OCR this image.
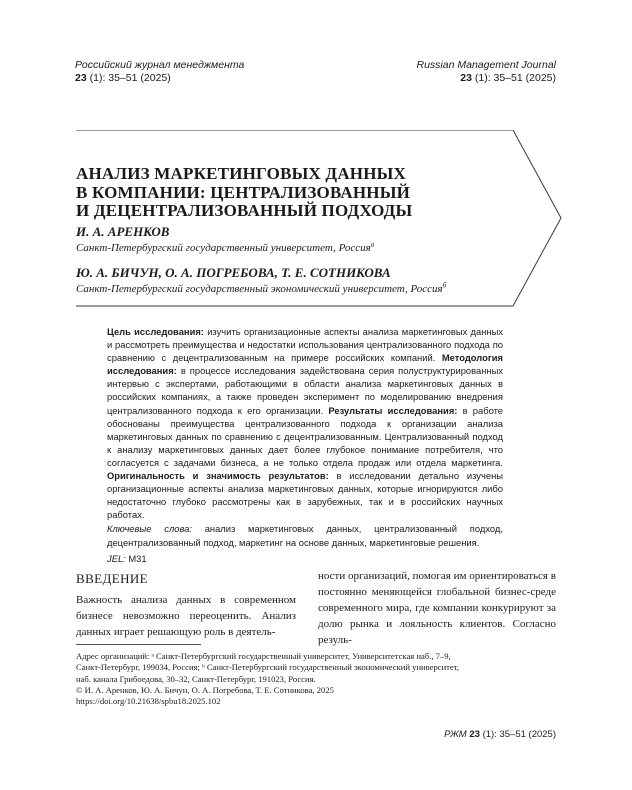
Российский журнал менеджмента
23 (1): 35–51 (2025)
Russian Management Journal
23 (1): 35–51 (2025)
АНАЛИЗ МАРКЕТИНГОВЫХ ДАННЫХ
В КОМПАНИИ: ЦЕНТРАЛИЗОВАННЫЙ
И ДЕЦЕНТРАЛИЗОВАННЫЙ ПОДХОДЫ
И. А. АРЕНКОВ
Санкт-Петербургский государственный университет, Россия$^a$
Ю. А. БИЧУН, О. А. ПОГРЕБОВА, Т. Е. СОТНИКОВА
Санкт-Петербургский государственный экономический университет, Россия$^б$

Цель исследования: изучить организационные аспекты анализа маркетинговых данных и рассмотреть преимущества и недостатки использования централизованного подхода по сравнению с децентрализованным на примере российских компаний. Методология исследования: в процессе исследования задействована серия полуструктурированных интервью с экспертами, работающими в области анализа маркетинговых данных в российских компаниях, а также проведен эксперимент по моделированию внедрения централизованного подхода к его организации. Результаты исследования: в работе обоснованы преимущества централизованного подхода к организации анализа маркетинговых данных по сравнению с децентрализованным. Централизованный подход к анализу маркетинговых данных дает более глубокое понимание потребителя, что согласуется с задачами бизнеса, а не только отдела продаж или отдела маркетинга. Оригинальность и значимость результатов: в исследовании детально изучены организационные аспекты анализа маркетинговых данных, которые игнорируются либо недостаточно глубоко рассмотрены как в зарубежных, так и в российских научных работах.

Ключевые слова: анализ маркетинговых данных, централизованный подход, децентрализованный подход, маркетинг на основе данных, маркетинговые решения.

JEL: M31

ВВЕДЕНИЕ

Важность анализа данных в современном бизнесе невозможно переоценить. Анализ данных играет решающую роль в деятель-

ности организаций, помогая им ориентироваться в постоянно меняющейся глобальной бизнес-среде современного мира, где компании конкурируют за долю рынка и лояльность клиентов. Согласно резуль-

Адрес организаций: ᵃ Санкт-Петербургский государственный университет, Университетская наб., 7–9,
Санкт-Петербург, 199034, Россия; ᵇ Санкт-Петербургский государственный экономический университет,
наб. канала Грибоедова, 30–32, Санкт-Петербург, 191023, Россия.
© И. А. Аренков, Ю. А. Бичун, О. А. Погребова, Т. Е. Сотникова, 2025
https://doi.org/10.21638/spbu18.2025.102
РЖМ 23 (1): 35–51 (2025)
